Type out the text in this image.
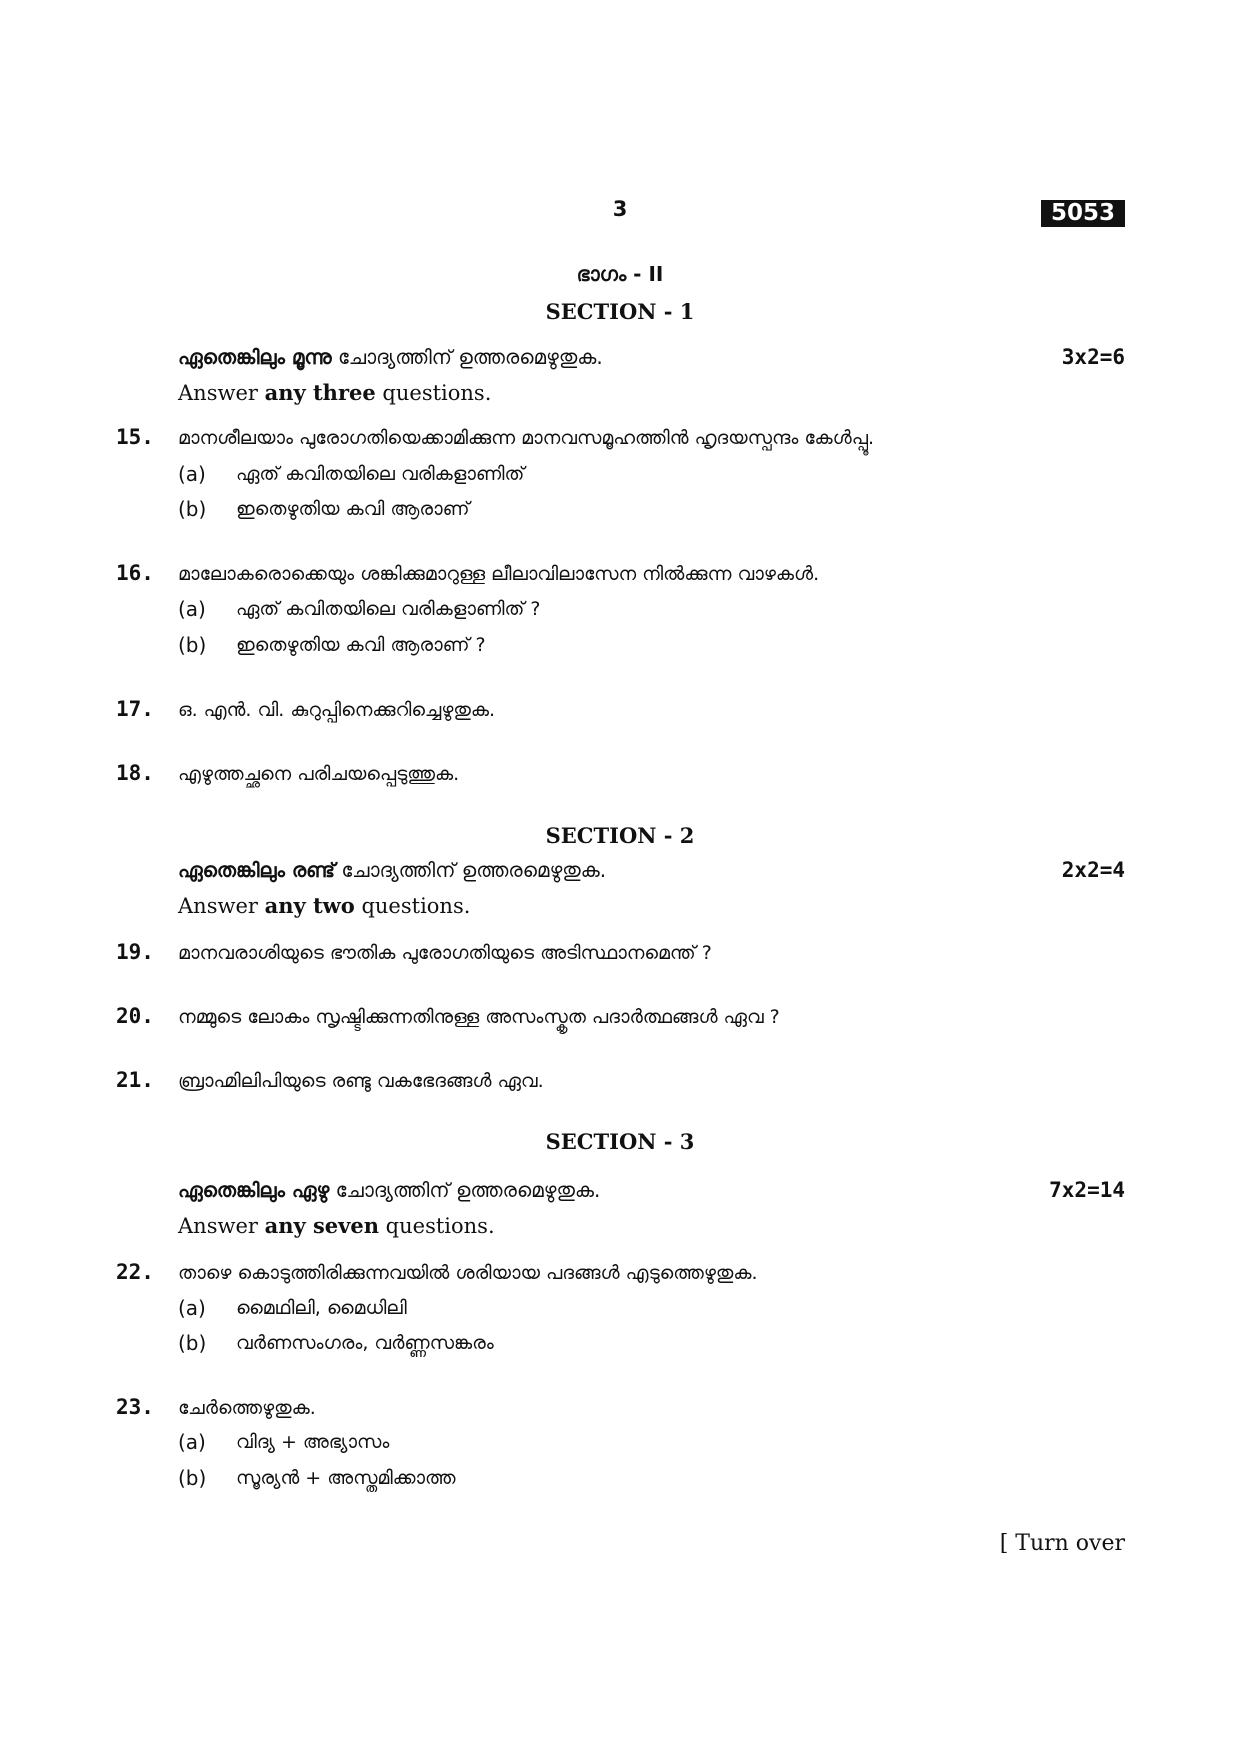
3	5053
ഭാഗം - II
SECTION - 1
ഏതെങ്കിലും മൂന്നു ചോദ്യത്തിന് ഉത്തരമെഴുതുക.	3x2=6
Answer any three questions.
15. മാനശീലയാം പുരോഗതിയെക്കാമിക്കുന്ന മാനവസമൂഹത്തിൻ ഹൃദയസ്പന്ദം കേൾപ്പൂ.
(a) ഏത് കവിതയിലെ വരികളാണിത്
(b) ഇതെഴുതിയ കവി ആരാണ്
16. മാലോകരൊക്കെയും ശങ്കിക്കുമാറുള്ള ലീലാവിലാസേന നിൽക്കുന്ന വാഴകൾ.
(a) ഏത് കവിതയിലെ വരികളാണിത് ?
(b) ഇതെഴുതിയ കവി ആരാണ് ?
17. ഒ. എൻ. വി. കുറുപ്പിനെക്കുറിച്ചെഴുതുക.
18. എഴുത്തച്ഛനെ പരിചയപ്പെടുത്തുക.
SECTION - 2
ഏതെങ്കിലും രണ്ട് ചോദ്യത്തിന് ഉത്തരമെഴുതുക.	2x2=4
Answer any two questions.
19. മാനവരാശിയുടെ ഭൗതിക പുരോഗതിയുടെ അടിസ്ഥാനമെന്ത് ?
20. നമ്മുടെ ലോകം സൃഷ്ടിക്കുന്നതിനുള്ള അസംസ്കൃത പദാർത്ഥങ്ങൾ ഏവ ?
21. ബ്രാഹ്മിലിപിയുടെ രണ്ടു വകഭേദങ്ങൾ ഏവ.
SECTION - 3
ഏതെങ്കിലും ഏഴു ചോദ്യത്തിന് ഉത്തരമെഴുതുക.	7x2=14
Answer any seven questions.
22. താഴെ കൊടുത്തിരിക്കുന്നവയിൽ ശരിയായ പദങ്ങൾ എടുത്തെഴുതുക.
(a) മൈഥിലി, മൈധിലി
(b) വർണസംഗരം, വർണ്ണസങ്കരം
23. ചേർത്തെഴുതുക.
(a) വിദ്യ + അഭ്യാസം
(b) സൂര്യൻ + അസ്തമിക്കാത്ത
[ Turn over
